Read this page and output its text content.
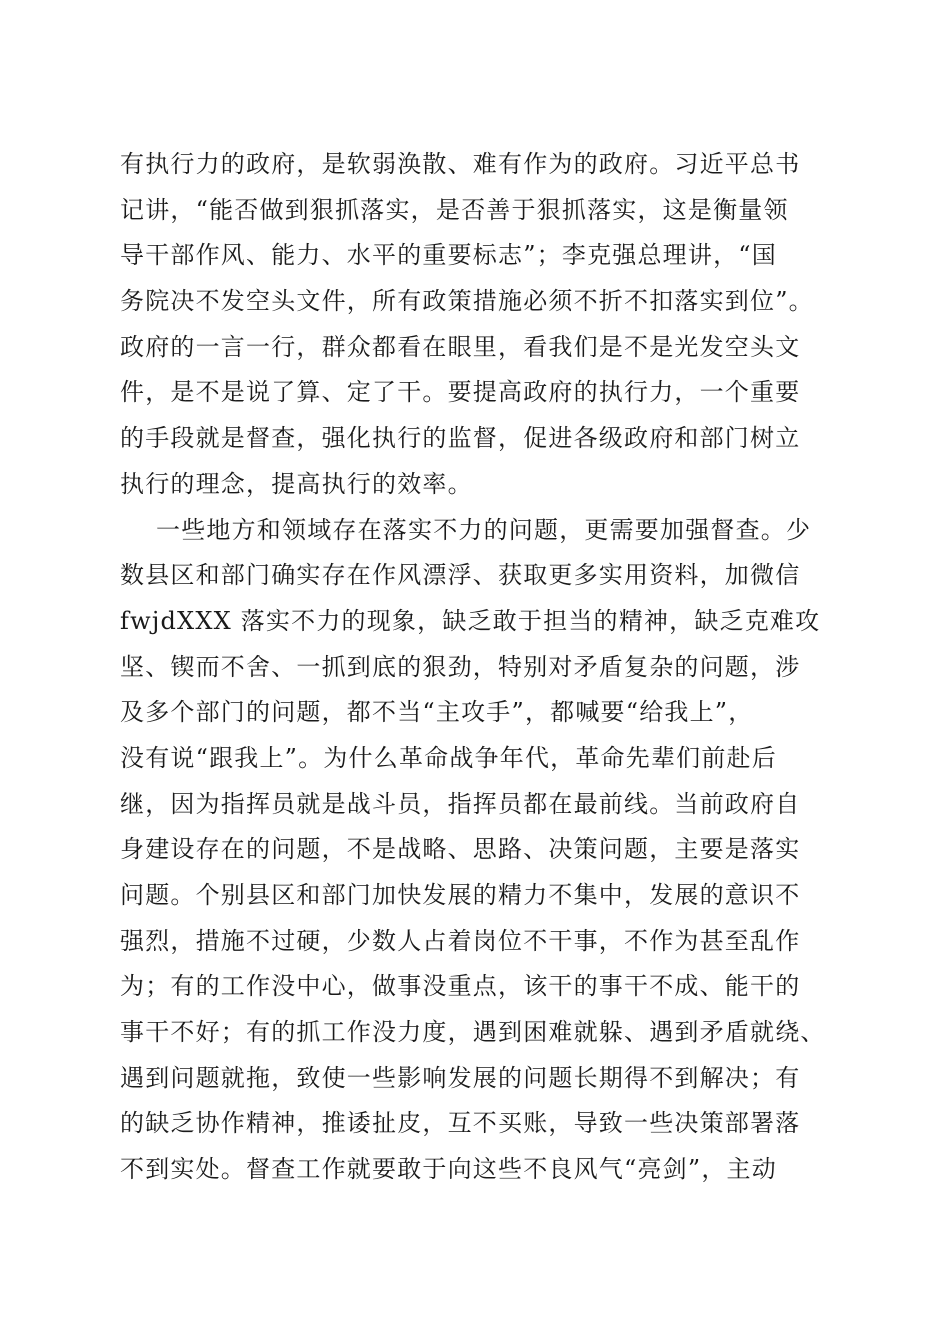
有执行力的政府，是软弱涣散、难有作为的政府。习近平总书
记讲，“能否做到狠抓落实，是否善于狠抓落实，这是衡量领
导干部作风、能力、水平的重要标志”；李克强总理讲，“国
务院决不发空头文件，所有政策措施必须不折不扣落实到位”。
政府的一言一行，群众都看在眼里，看我们是不是光发空头文
件，是不是说了算、定了干。要提高政府的执行力，一个重要
的手段就是督查，强化执行的监督，促进各级政府和部门树立
执行的理念，提高执行的效率。
一些地方和领域存在落实不力的问题，更需要加强督查。少
数县区和部门确实存在作风漂浮、获取更多实用资料，加微信
fwjdXXX 落实不力的现象，缺乏敢于担当的精神，缺乏克难攻
坚、锲而不舍、一抓到底的狠劲，特别对矛盾复杂的问题，涉
及多个部门的问题，都不当“主攻手”，都喊要“给我上”，
没有说“跟我上”。为什么革命战争年代，革命先辈们前赴后
继，因为指挥员就是战斗员，指挥员都在最前线。当前政府自
身建设存在的问题，不是战略、思路、决策问题，主要是落实
问题。个别县区和部门加快发展的精力不集中，发展的意识不
强烈，措施不过硬，少数人占着岗位不干事，不作为甚至乱作
为；有的工作没中心，做事没重点，该干的事干不成、能干的
事干不好；有的抓工作没力度，遇到困难就躲、遇到矛盾就绕、
遇到问题就拖，致使一些影响发展的问题长期得不到解决；有
的缺乏协作精神，推诿扯皮，互不买账，导致一些决策部署落
不到实处。督查工作就要敢于向这些不良风气“亮剑”，主动
